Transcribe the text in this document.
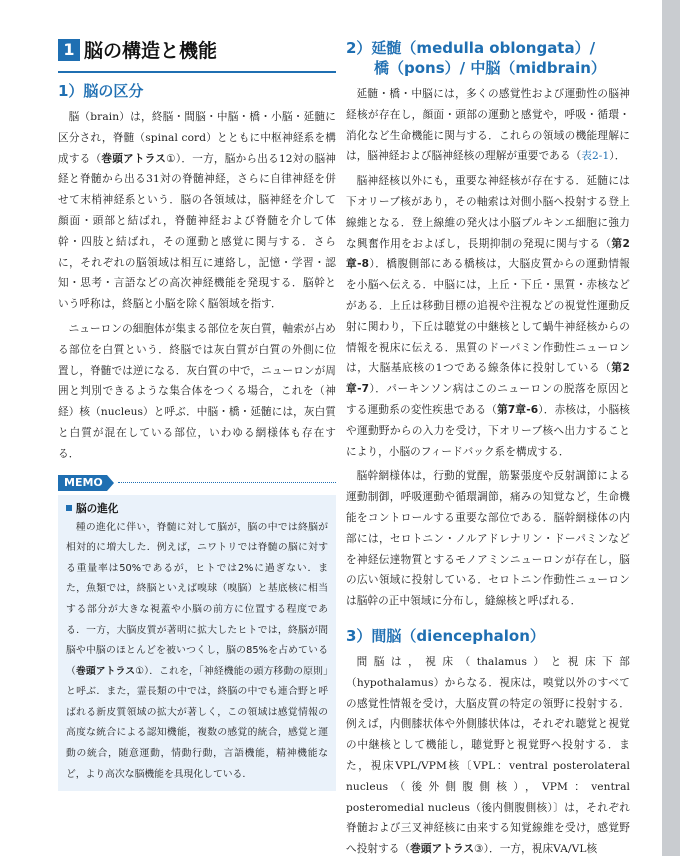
1 脳の構造と機能
1）脳の区分

脳（brain）は，終脳・間脳・中脳・橋・小脳・延髄に区分され，脊髄（spinal cord）とともに中枢神経系を構成する（巻頭アトラス①）．一方，脳から出る12対の脳神経と脊髄から出る31対の脊髄神経，さらに自律神経を併せて末梢神経系という．脳の各領域は，脳神経を介して顔面・頭部と結ばれ，脊髄神経および脊髄を介して体幹・四肢と結ばれ，その運動と感覚に関与する．さらに，それぞれの脳領域は相互に連絡し，記憶・学習・認知・思考・言語などの高次神経機能を発現する．脳幹という呼称は，終脳と小脳を除く脳領域を指す．

ニューロンの細胞体が集まる部位を灰白質，軸索が占める部位を白質という．終脳では灰白質が白質の外側に位置し，脊髄では逆になる．灰白質の中で，ニューロンが周囲と判別できるような集合体をつくる場合，これを（神経）核（nucleus）と呼ぶ．中脳・橋・延髄には，灰白質と白質が混在している部位，いわゆる網様体も存在する．

MEMO
脳の進化

種の進化に伴い，脊髄に対して脳が，脳の中では終脳が相対的に増大した．例えば，ニワトリでは脊髄の脳に対する重量率は50%であるが，ヒトでは2%に過ぎない．また，魚類では，終脳といえば嗅球（嗅脳）と基底核に相当する部分が大きな視蓋や小脳の前方に位置する程度である．一方，大脳皮質が著明に拡大したヒトでは，終脳が間脳や中脳のほとんどを被いつくし，脳の85%を占めている（巻頭アトラス①）．これを，「神経機能の頭方移動の原則」と呼ぶ．また，霊長類の中では，終脳の中でも連合野と呼ばれる新皮質領域の拡大が著しく，この領域は感覚情報の高度な統合による認知機能，複数の感覚的統合，感覚と運動の統合，随意運動，情動行動，言語機能，精神機能など，より高次な脳機能を具現化している．

2）延髄（medulla oblongata）/
橋（pons）/ 中脳（midbrain）

延髄・橋・中脳には，多くの感覚性および運動性の脳神経核が存在し，顔面・頭部の運動と感覚や，呼吸・循環・消化など生命機能に関与する．これらの領域の機能理解には，脳神経および脳神経核の理解が重要である（表2-1）．

脳神経核以外にも，重要な神経核が存在する．延髄には下オリーブ核があり，その軸索は対側小脳へ投射する登上線維となる．登上線維の発火は小脳プルキンエ細胞に強力な興奮作用をおよぼし，長期抑制の発現に関与する（第2章-8）．橋腹側部にある橋核は，大脳皮質からの運動情報を小脳へ伝える．中脳には，上丘・下丘・黒質・赤核などがある．上丘は移動目標の追視や注視などの視覚性運動反射に関わり，下丘は聴覚の中継核として蝸牛神経核からの情報を視床に伝える．黒質のドーパミン作動性ニューロンは，大脳基底核の1つである線条体に投射している（第2章-7）．パーキンソン病はこのニューロンの脱落を原因とする運動系の変性疾患である（第7章-6）．赤核は，小脳核や運動野からの入力を受け，下オリーブ核へ出力することにより，小脳のフィードバック系を構成する．

脳幹網様体は，行動的覚醒，筋緊張度や反射調節による運動制御，呼吸運動や循環調節，痛みの知覚など，生命機能をコントロールする重要な部位である．脳幹網様体の内部には，セロトニン・ノルアドレナリン・ドーパミンなどを神経伝達物質とするモノアミンニューロンが存在し，脳の広い領域に投射している．セロトニン作動性ニューロンは脳幹の正中領域に分布し，縫線核と呼ばれる．

3）間脳（diencephalon）

間脳は，視床（thalamus）と視床下部（hypothalamus）からなる．視床は，嗅覚以外のすべての感覚性情報を受け，大脳皮質の特定の領野に投射する．例えば，内側膝状体や外側膝状体は，それぞれ聴覚と視覚の中継核として機能し，聴覚野と視覚野へ投射する．また，視床VPL/VPM核〔VPL：ventral posterolateral nucleus（後外側腹側核），VPM：ventral posteromedial nucleus（後内側腹側核）〕は，それぞれ脊髄および三叉神経核に由来する知覚線維を受け，感覚野へ投射する（巻頭アトラス③）．一方，視床VA/VL核
